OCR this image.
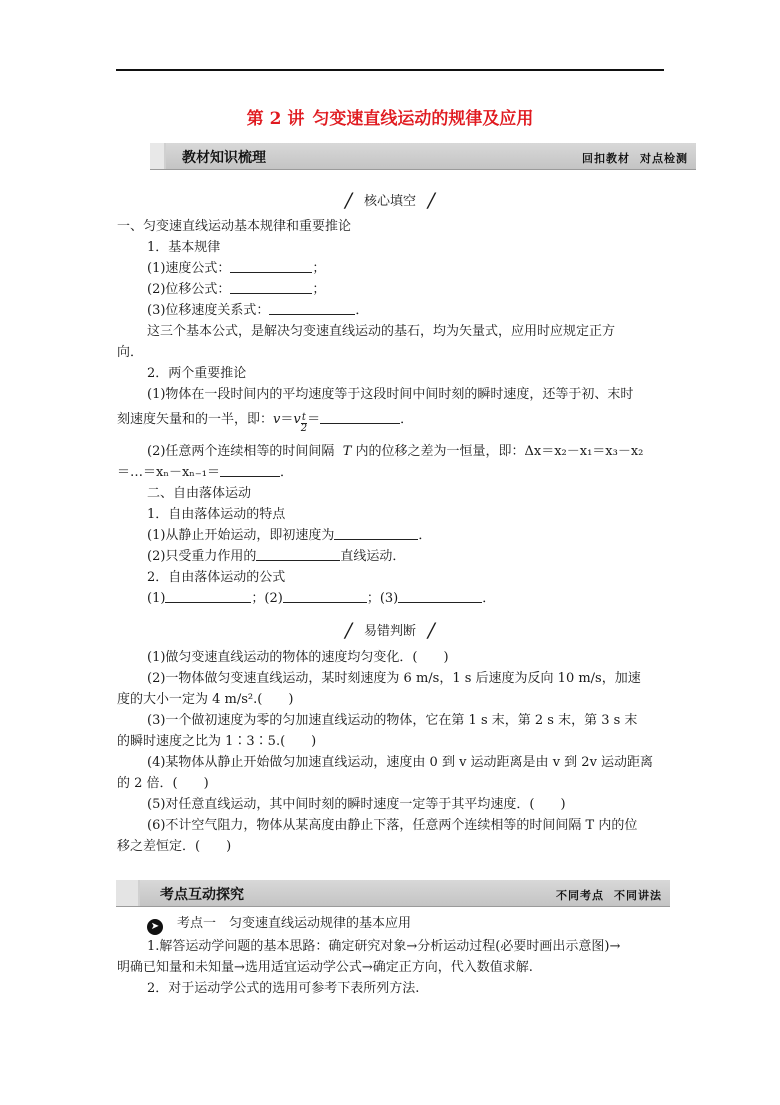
第 2 讲 匀变速直线运动的规律及应用
教材知识梳理	回扣教材 对点检测
/ 核心填空 /
一、匀变速直线运动基本规律和重要推论
1．基本规律
(1)速度公式：	；
(2)位移公式：	；
(3)位移速度关系式：	．
这三个基本公式，是解决匀变速直线运动的基石，均为矢量式，应用时应规定正方
向．
2．两个重要推论
(1)物体在一段时间内的平均速度等于这段时间中间时刻的瞬时速度，还等于初、末时
刻速度矢量和的一半，即：$v=v \frac{t}{2}$ ＝	．
(2)任意两个连续相等的时间间隔 T 内的位移之差为一恒量，即：Δx＝x₂－x₁＝x₃－x₂
＝…＝xₙ－xₙ₋₁＝	．
二、自由落体运动
1．自由落体运动的特点
(1)从静止开始运动，即初速度为	．
(2)只受重力作用的	直线运动．
2．自由落体运动的公式
(1)	；(2)	；(3)	．
/ 易错判断 /
(1)做匀变速直线运动的物体的速度均匀变化．(　　)
(2)一物体做匀变速直线运动，某时刻速度为 6 m/s，1 s 后速度为反向 10 m/s，加速
度的大小一定为 4 m/s².(　　)
(3)一个做初速度为零的匀加速直线运动的物体，它在第 1 s 末，第 2 s 末，第 3 s 末
的瞬时速度之比为 1∶3∶5.(　　)
(4)某物体从静止开始做匀加速直线运动，速度由 0 到 v 运动距离是由 v 到 2v 运动距离
的 2 倍．(　　)
(5)对任意直线运动，其中间时刻的瞬时速度一定等于其平均速度．(　　)
(6)不计空气阻力，物体从某高度由静止下落，任意两个连续相等的时间间隔 T 内的位
移之差恒定．(　　)
考点互动探究	不同考点 不同讲法
➤ 考点一　匀变速直线运动规律的基本应用
1.解答运动学问题的基本思路：确定研究对象→分析运动过程(必要时画出示意图)→
明确已知量和未知量→选用适宜运动学公式→确定正方向，代入数值求解.
2．对于运动学公式的选用可参考下表所列方法.
